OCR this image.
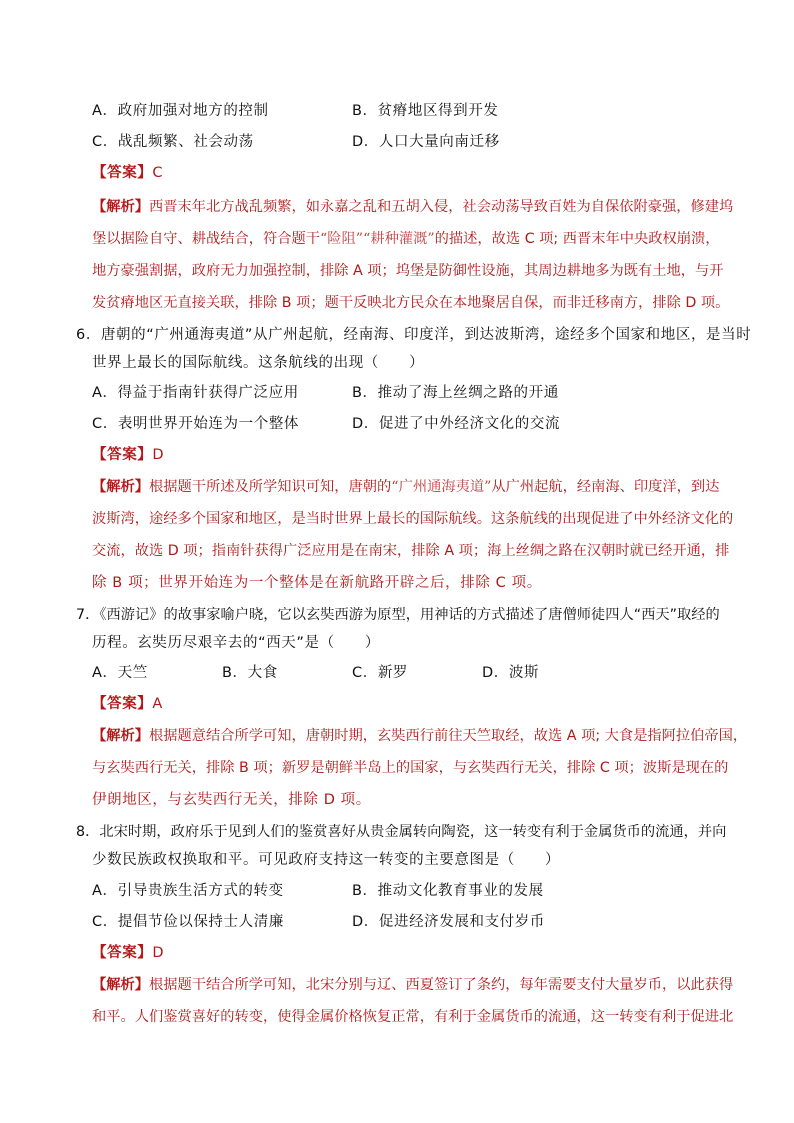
A．政府加强对地方的控制	B．贫瘠地区得到开发
C．战乱频繁、社会动荡	D．人口大量向南迁移
【答案】C
【解析】西晋末年北方战乱频繁，如永嘉之乱和五胡入侵，社会动荡导致百姓为自保依附豪强，修建坞
堡以据险自守、耕战结合，符合题干“险阻”“耕种灌溉”的描述，故选 C 项; 西晋末年中央政权崩溃，
地方豪强割据，政府无力加强控制，排除 A 项；坞堡是防御性设施，其周边耕地多为既有土地，与开
发贫瘠地区无直接关联，排除 B 项；题干反映北方民众在本地聚居自保，而非迁移南方，排除 D 项。
6．唐朝的“广州通海夷道”从广州起航，经南海、印度洋，到达波斯湾，途经多个国家和地区，是当时
世界上最长的国际航线。这条航线的出现（　　）
A．得益于指南针获得广泛应用	B．推动了海上丝绸之路的开通
C．表明世界开始连为一个整体	D．促进了中外经济文化的交流
【答案】D
【解析】根据题干所述及所学知识可知，唐朝的“广州通海夷道”从广州起航，经南海、印度洋，到达
波斯湾，途经多个国家和地区，是当时世界上最长的国际航线。这条航线的出现促进了中外经济文化的
交流，故选 D 项；指南针获得广泛应用是在南宋，排除 A 项；海上丝绸之路在汉朝时就已经开通，排
除 B 项；世界开始连为一个整体是在新航路开辟之后，排除 C 项。
7．《西游记》的故事家喻户晓，它以玄奘西游为原型，用神话的方式描述了唐僧师徒四人“西天”取经的
历程。玄奘历尽艰辛去的“西天”是（　　）
A．天竺	B．大食	C．新罗	D．波斯
【答案】A
【解析】根据题意结合所学可知，唐朝时期，玄奘西行前往天竺取经，故选 A 项; 大食是指阿拉伯帝国，
与玄奘西行无关，排除 B 项；新罗是朝鲜半岛上的国家，与玄奘西行无关，排除 C 项；波斯是现在的
伊朗地区，与玄奘西行无关，排除 D 项。
8．北宋时期，政府乐于见到人们的鉴赏喜好从贵金属转向陶瓷，这一转变有利于金属货币的流通，并向
少数民族政权换取和平。可见政府支持这一转变的主要意图是（　　）
A．引导贵族生活方式的转变	B．推动文化教育事业的发展
C．提倡节俭以保持士人清廉	D．促进经济发展和支付岁币
【答案】D
【解析】根据题干结合所学可知，北宋分别与辽、西夏签订了条约，每年需要支付大量岁币，以此获得
和平。人们鉴赏喜好的转变，使得金属价格恢复正常，有利于金属货币的流通，这一转变有利于促进北
